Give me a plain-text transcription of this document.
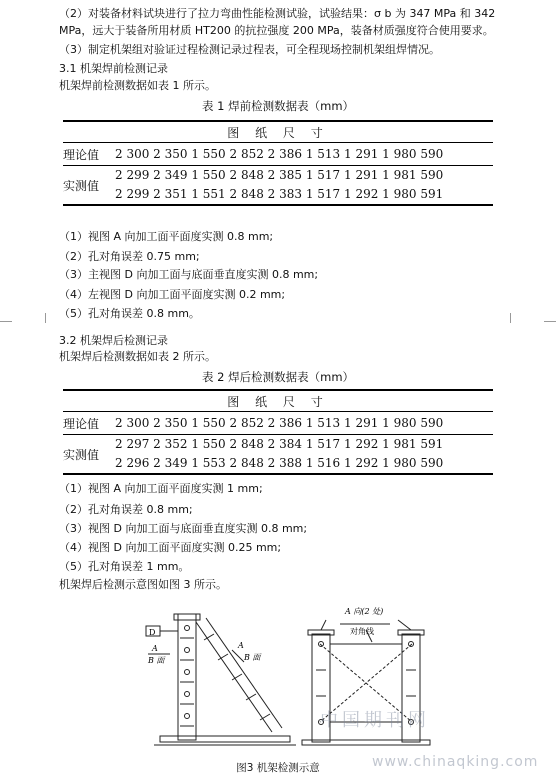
（2）对装备材料试块进行了拉力弯曲性能检测试验，试验结果：σ b 为 347 MPa 和 342
MPa，远大于装备所用材质 HT200 的抗拉强度 200 MPa，装备材质强度符合使用要求。
（3）制定机架组对验证过程检测记录过程表，可全程现场控制机架组焊情况。
3.1 机架焊前检测记录
机架焊前检测数据如表 1 所示。
表 1 焊前检测数据表（mm）
图 纸 尺 寸	
理论值	2 300 2 350 1 550 2 852 2 386 1 513 1 291 1 980 590
实测值	2 299 2 349 1 550 2 848 2 385 1 517 1 291 1 981 590
	2 299 2 351 1 551 2 848 2 383 1 517 1 292 1 980 591
（1）视图 A 向加工面平面度实测 0.8 mm;
（2）孔对角误差 0.75 mm;
（3）主视图 D 向加工面与底面垂直度实测 0.8 mm;
（4）左视图 D 向加工面平面度实测 0.2 mm;
（5）孔对角误差 0.8 mm。
3.2 机架焊后检测记录
机架焊后检测数据如表 2 所示。
表 2 焊后检测数据表（mm）
图 纸 尺 寸	
理论值	2 300 2 350 1 550 2 852 2 386 1 513 1 291 1 980 590
实测值	2 297 2 352 1 550 2 848 2 384 1 517 1 292 1 981 591
	2 296 2 349 1 553 2 848 2 388 1 516 1 292 1 980 590
（1）视图 A 向加工面平面度实测 1 mm;
（2）孔对角误差 0.8 mm;
（3）视图 D 向加工面与底面垂直度实测 0.8 mm;
（4）视图 D 向加工面平面度实测 0.25 mm;
（5）孔对角误差 1 mm。
机架焊后检测示意图如图 3 所示。
D
A
B 面
A
B 面
A 向(2 处)
对角线
中国期刊网
图3 机架检测示意	www.chinaqking.com
